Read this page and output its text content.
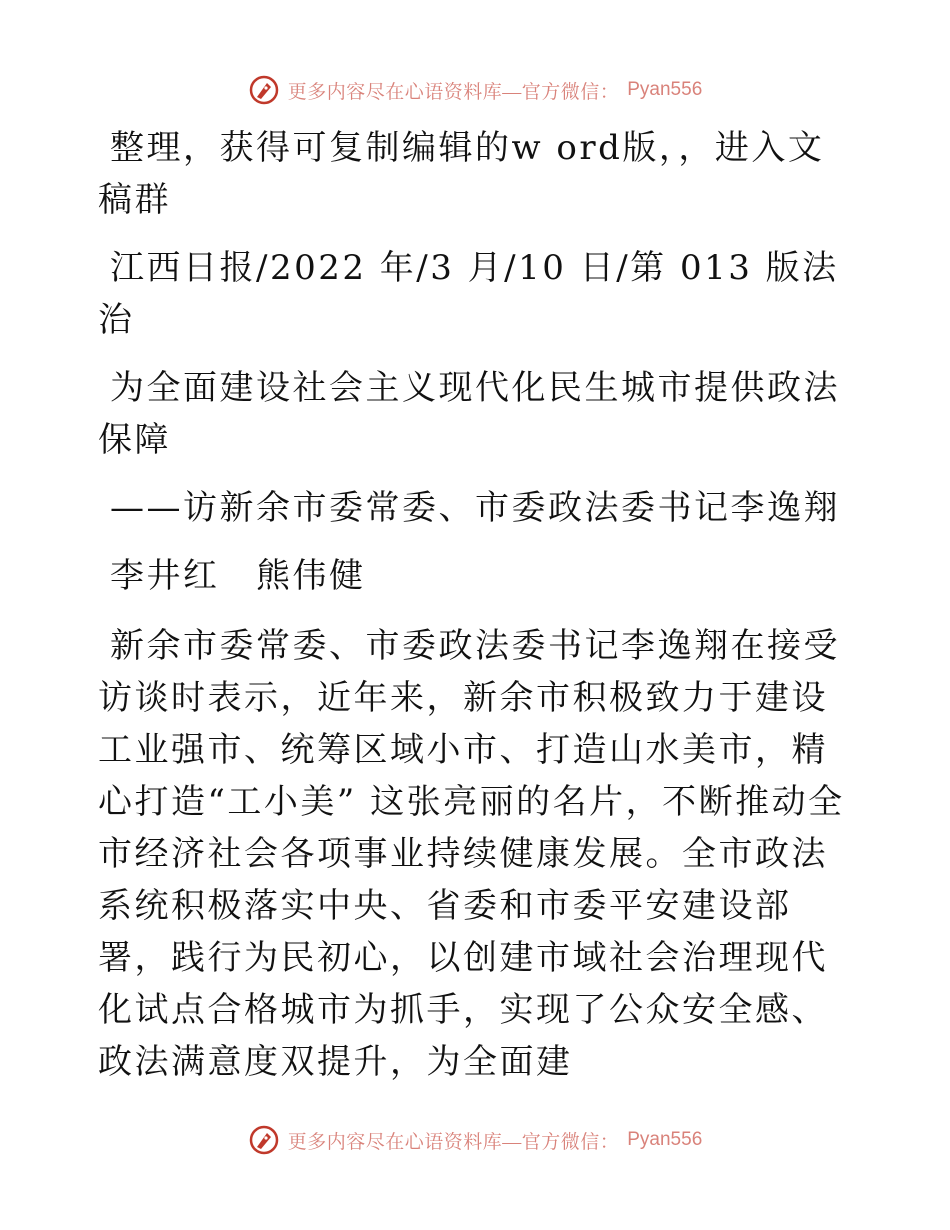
更多内容尽在心语资料库—官方微信： Pyan556

整理，获得可复制编辑的w ord版，，进入文稿群

江西日报/2022 年/3 月/10 日/第 013 版法治

为全面建设社会主义现代化民生城市提供政法保障

——访新余市委常委、市委政法委书记李逸翔

李井红　熊伟健

新余市委常委、市委政法委书记李逸翔在接受访谈时表示，近年来，新余市积极致力于建设工业强市、统筹区域小市、打造山水美市，精心打造“工小美” 这张亮丽的名片，不断推动全市经济社会各项事业持续健康发展。全市政法系统积极落实中央、省委和市委平安建设部署，践行为民初心，以创建市域社会治理现代化试点合格城市为抓手，实现了公众安全感、政法满意度双提升，为全面建

更多内容尽在心语资料库—官方微信： Pyan556
